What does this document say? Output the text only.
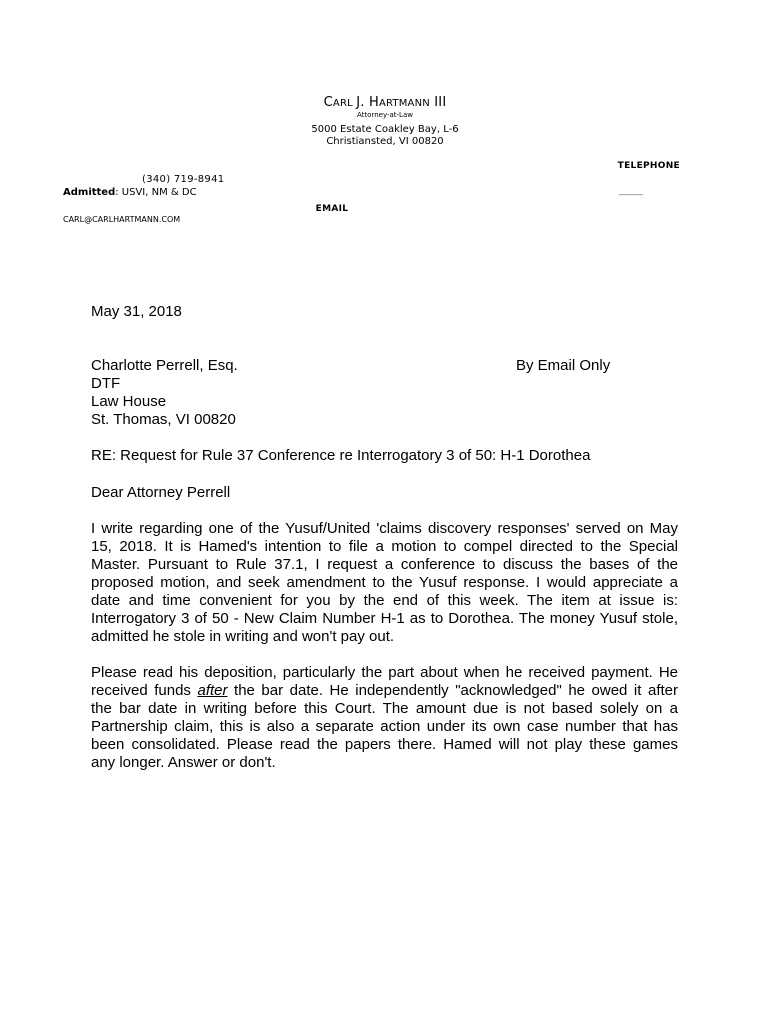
CARL J. HARTMANN III
Attorney-at-Law
5000 Estate Coakley Bay, L-6
Christiansted, VI 00820
TELEPHONE
(340) 719-8941
Admitted: USVI, NM & DC	______
EMAIL
CARL@CARLHARTMANN.COM
May 31, 2018
Charlotte Perrell, Esq.
DTF
Law House
St. Thomas, VI 00820
By Email Only
RE: Request for Rule 37 Conference re Interrogatory 3 of 50: H-1 Dorothea
Dear Attorney Perrell
I write regarding one of the Yusuf/United 'claims discovery responses' served on May
15, 2018. It is Hamed's intention to file a motion to compel directed to the Special
Master. Pursuant to Rule 37.1, I request a conference to discuss the bases of the
proposed motion, and seek amendment to the Yusuf response. I would appreciate a
date and time convenient for you by the end of this week. The item at issue is:
Interrogatory 3 of 50 - New Claim Number H-1 as to Dorothea. The money Yusuf stole,
admitted he stole in writing and won't pay out.
Please read his deposition, particularly the part about when he received payment. He
received funds after the bar date. He independently "acknowledged" he owed it after
the bar date in writing before this Court. The amount due is not based solely on a
Partnership claim, this is also a separate action under its own case number that has
been consolidated. Please read the papers there. Hamed will not play these games
any longer. Answer or don't.
